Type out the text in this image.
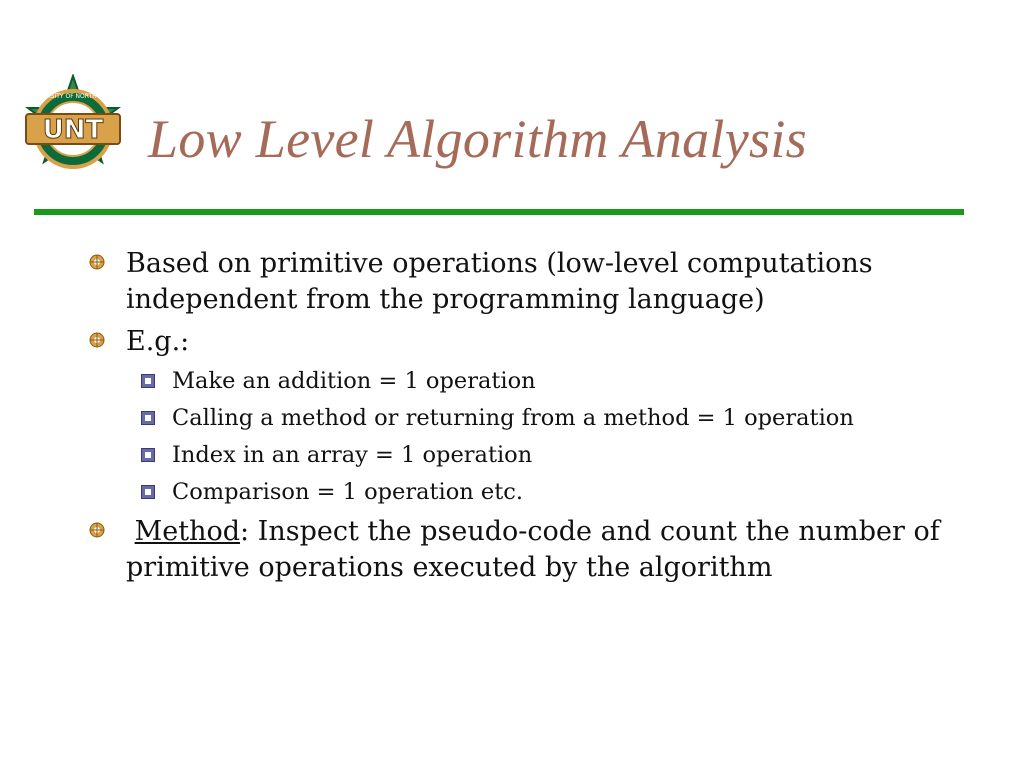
UNT
UNIVERSITY OF NORTH TEXAS
Low Level Algorithm Analysis
Based on primitive operations (low-level computations independent from the programming language)
E.g.:
Make an addition = 1 operation
Calling a method or returning from a method = 1 operation
Index in an array = 1 operation
Comparison = 1 operation etc.
Method: Inspect the pseudo-code and count the number of primitive operations executed by the algorithm
